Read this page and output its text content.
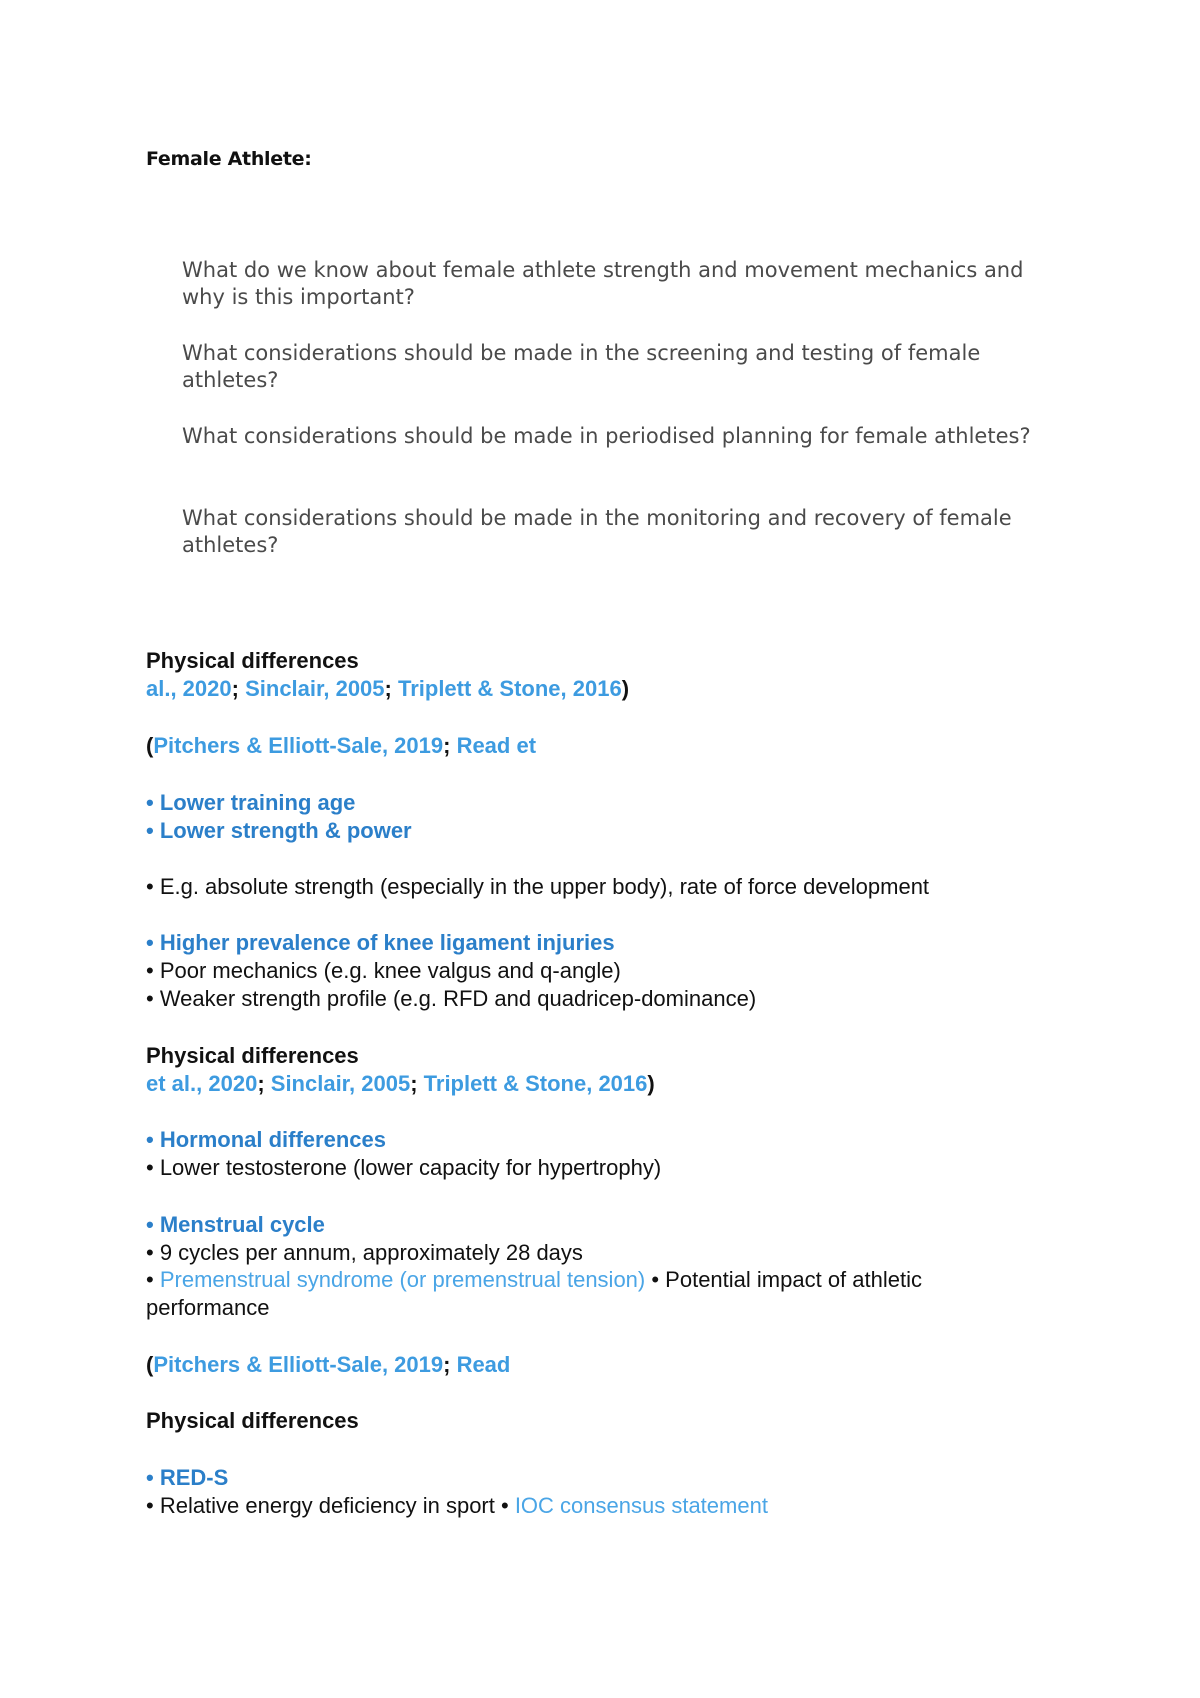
Female Athlete:
What do we know about female athlete strength and movement mechanics and why is this important?
What considerations should be made in the screening and testing of female athletes?
What considerations should be made in periodised planning for female athletes?
What considerations should be made in the monitoring and recovery of female athletes?
Physical differences
al., 2020; Sinclair, 2005; Triplett & Stone, 2016)
(Pitchers & Elliott-Sale, 2019; Read et
• Lower training age
• Lower strength & power
• E.g. absolute strength (especially in the upper body), rate of force development
• Higher prevalence of knee ligament injuries
• Poor mechanics (e.g. knee valgus and q-angle)
• Weaker strength profile (e.g. RFD and quadricep-dominance)
Physical differences
et al., 2020; Sinclair, 2005; Triplett & Stone, 2016)
• Hormonal differences
• Lower testosterone (lower capacity for hypertrophy)
• Menstrual cycle
• 9 cycles per annum, approximately 28 days
• Premenstrual syndrome (or premenstrual tension) • Potential impact of athletic
performance
(Pitchers & Elliott-Sale, 2019; Read
Physical differences
• RED-S
• Relative energy deficiency in sport • IOC consensus statement
